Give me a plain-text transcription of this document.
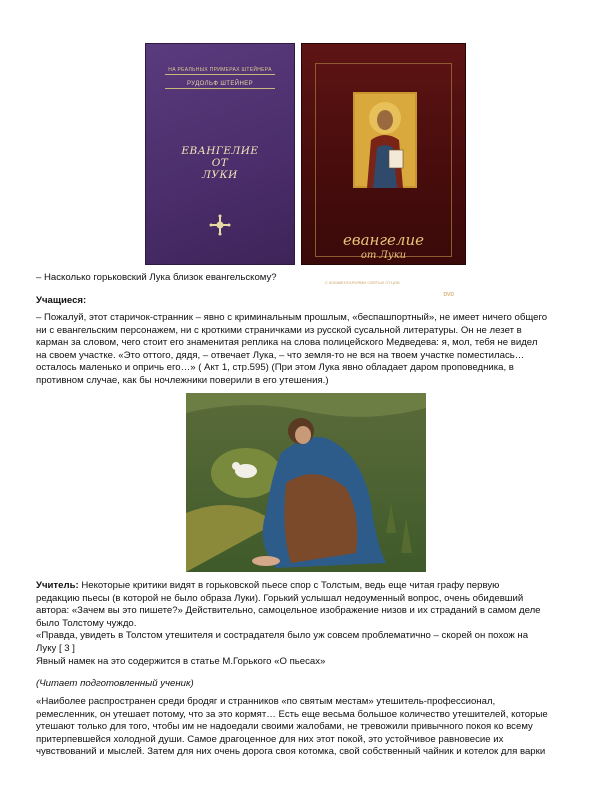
НА РЕАЛЬНЫХ ПРИМЕРАХ ШТЕЙНЕРА
РУДОЛЬФ ШТЕЙНЕР
ЕВАНГЕЛИЕ
ОТ
ЛУКИ
евангелие
от Луки
С КОММЕНТАРИЯМИ СВЯТЫХ ОТЦОВ
DVD

– Насколько горьковский Лука близок евангельскому?

Учащиеся:

– Пожалуй, этот старичок-странник – явно с криминальным прошлым, «беспашпортный», не имеет ничего общего
ни с евангельским персонажем, ни с кроткими страничками из русской сусальной литературы. Он не лезет в
карман за словом, чего стоит его знаменитая реплика на слова полицейского Медведева: я, мол, тебя не видел
на своем участке. «Это оттого, дядя, – отвечает Лука, – что земля-то не вся на твоем участке поместилась…
осталось маленько и опричь его…» ( Акт 1, стр.595) (При этом Лука явно обладает даром проповедника, в
противном случае, как бы ночлежники поверили в его утешения.)
Учитель: Некоторые критики видят в горьковской пьесе спор с Толстым, ведь еще читая графу первую
редакцию пьесы (в которой не было образа Луки). Горький услышал недоуменный вопрос, очень обидевший
автора: «Зачем вы это пишете?» Действительно, самоцельное изображение низов и их страданий в самом деле
было Толстому чуждо.
«Правда, увидеть в Толстом утешителя и сострадателя было уж совсем проблематично – скорей он похож на
Луку [ 3 ]
Явный намек на это содержится в статье М.Горького «О пьесах»

(Читает подготовленный ученик)

«Наиболее распространен среди бродяг и странников «по святым местам» утешитель-профессионал,
ремесленник, он утешает потому, что за это кормят… Есть еще весьма большое количество утешителей, которые
утешают только для того, чтобы им не надоедали своими жалобами, не тревожили привычного покоя ко всему
притерпевшейся холодной души. Самое драгоценное для них этот покой, это устойчивое равновесие их
чувствований и мыслей. Затем для них очень дорога своя котомка, свой собственный чайник и котелок для варки
